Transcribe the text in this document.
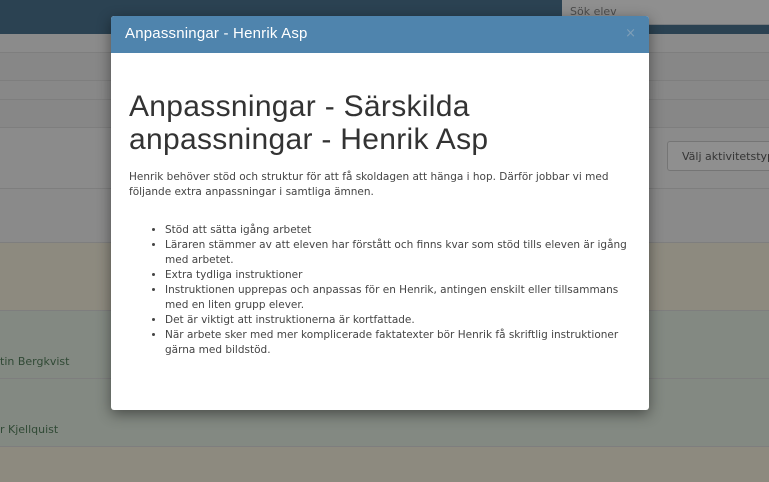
Sök elev
Anpassningar - Henrik Asp	×
Anpassningar - Särskilda anpassningar - Henrik Asp

Henrik behöver stöd och struktur för att få skoldagen att hänga i hop. Därför jobbar vi med följande extra anpassningar i samtliga ämnen.

• Stöd att sätta igång arbetet
• Läraren stämmer av att eleven har förstått och finns kvar som stöd tills eleven är igång med arbetet.
• Extra tydliga instruktioner
• Instruktionen upprepas och anpassas för en Henrik, antingen enskilt eller tillsammans med en liten grupp elever.
• Det är viktigt att instruktionerna är kortfattade.
• När arbete sker med mer komplicerade faktatexter bör Henrik få skriftlig instruktioner gärna med bildstöd.
